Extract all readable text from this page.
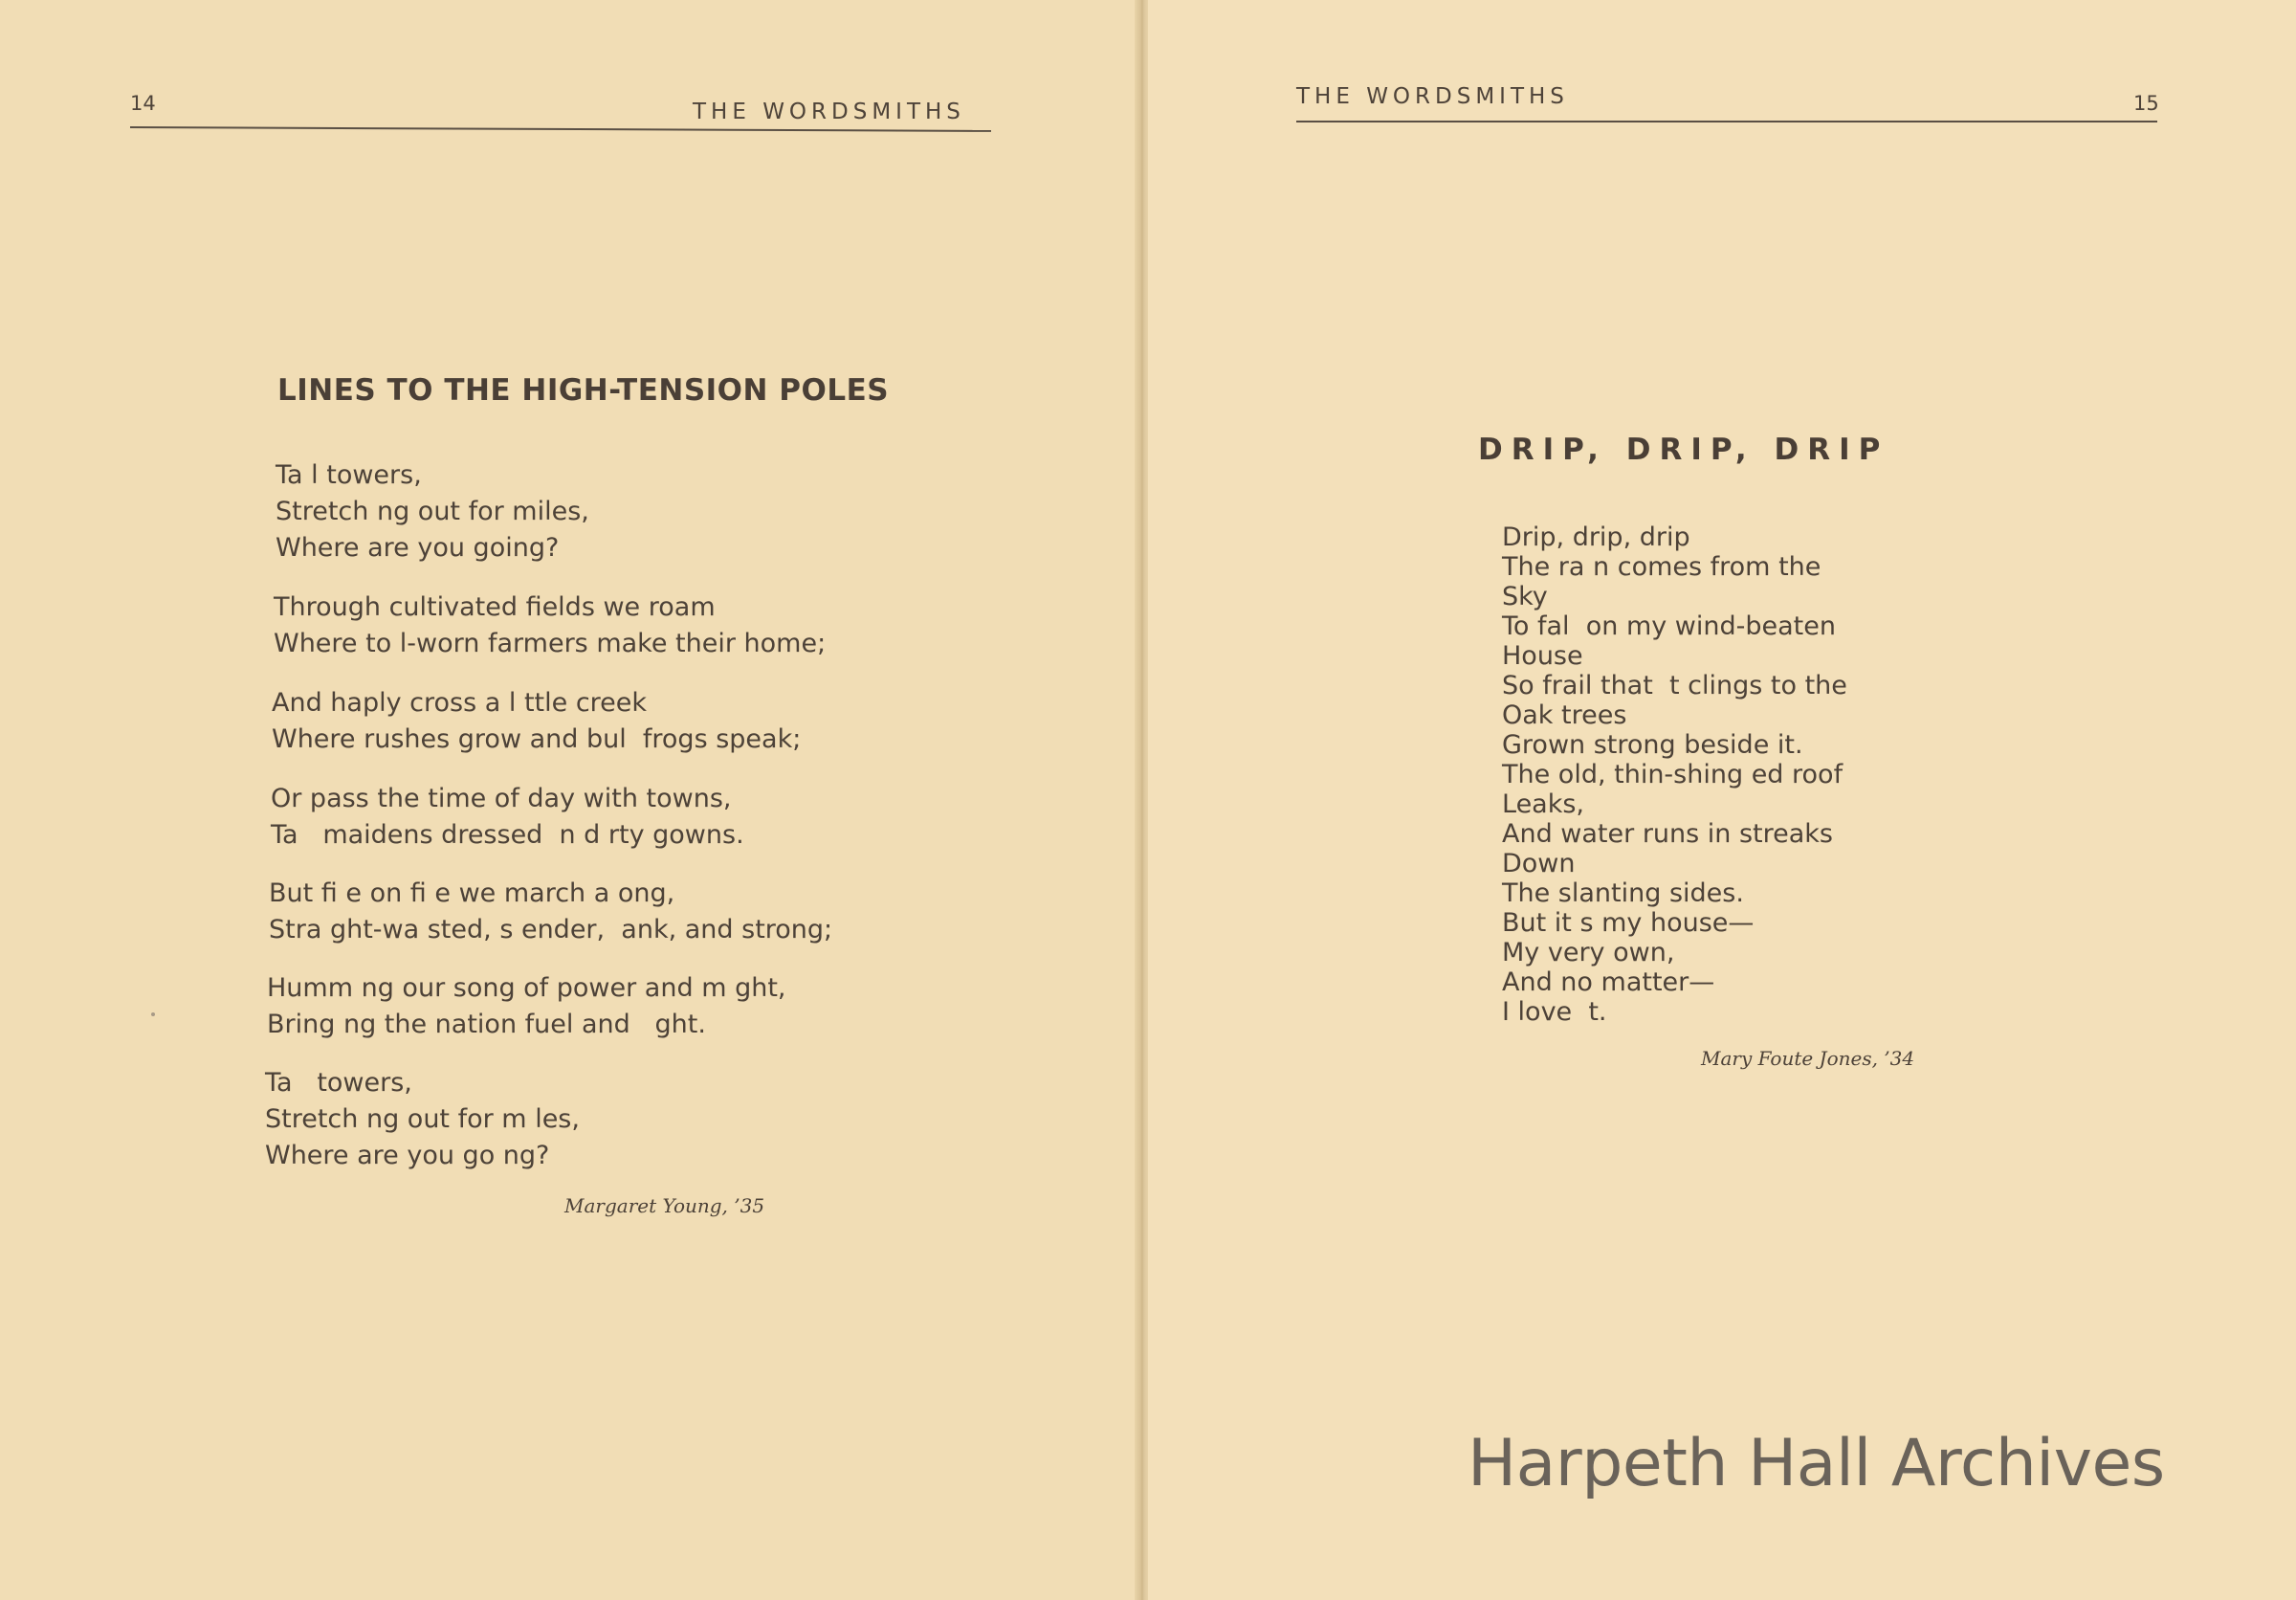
14	THE WORDSMITHS
LINES TO THE HIGH-TENSION POLES
Ta l towers,
Stretch ng out for miles,
Where are you going?
Through cultivated fields we roam
Where to l-worn farmers make their home;
And haply cross a l ttle creek
Where rushes grow and bul  frogs speak;
Or pass the time of day with towns,
Ta   maidens dressed  n d rty gowns.
But fi e on fi e we march a ong,
Stra ght-wa sted, s ender,  ank, and strong;
Humm ng our song of power and m ght,
Bring ng the nation fuel and   ght.
Ta   towers,
Stretch ng out for m les,
Where are you go ng?
Margaret Young, ’35
THE WORDSMITHS	15
DRIP, DRIP, DRIP
Drip, drip, drip
The ra n comes from the
Sky
To fal  on my wind-beaten
House
So frail that  t clings to the
Oak trees
Grown strong beside it.
The old, thin-shing ed roof
Leaks,
And water runs in streaks
Down
The slanting sides.
But it s my house—
My very own,
And no matter—
I love  t.
Mary Foute Jones, ’34
Harpeth Hall Archives
